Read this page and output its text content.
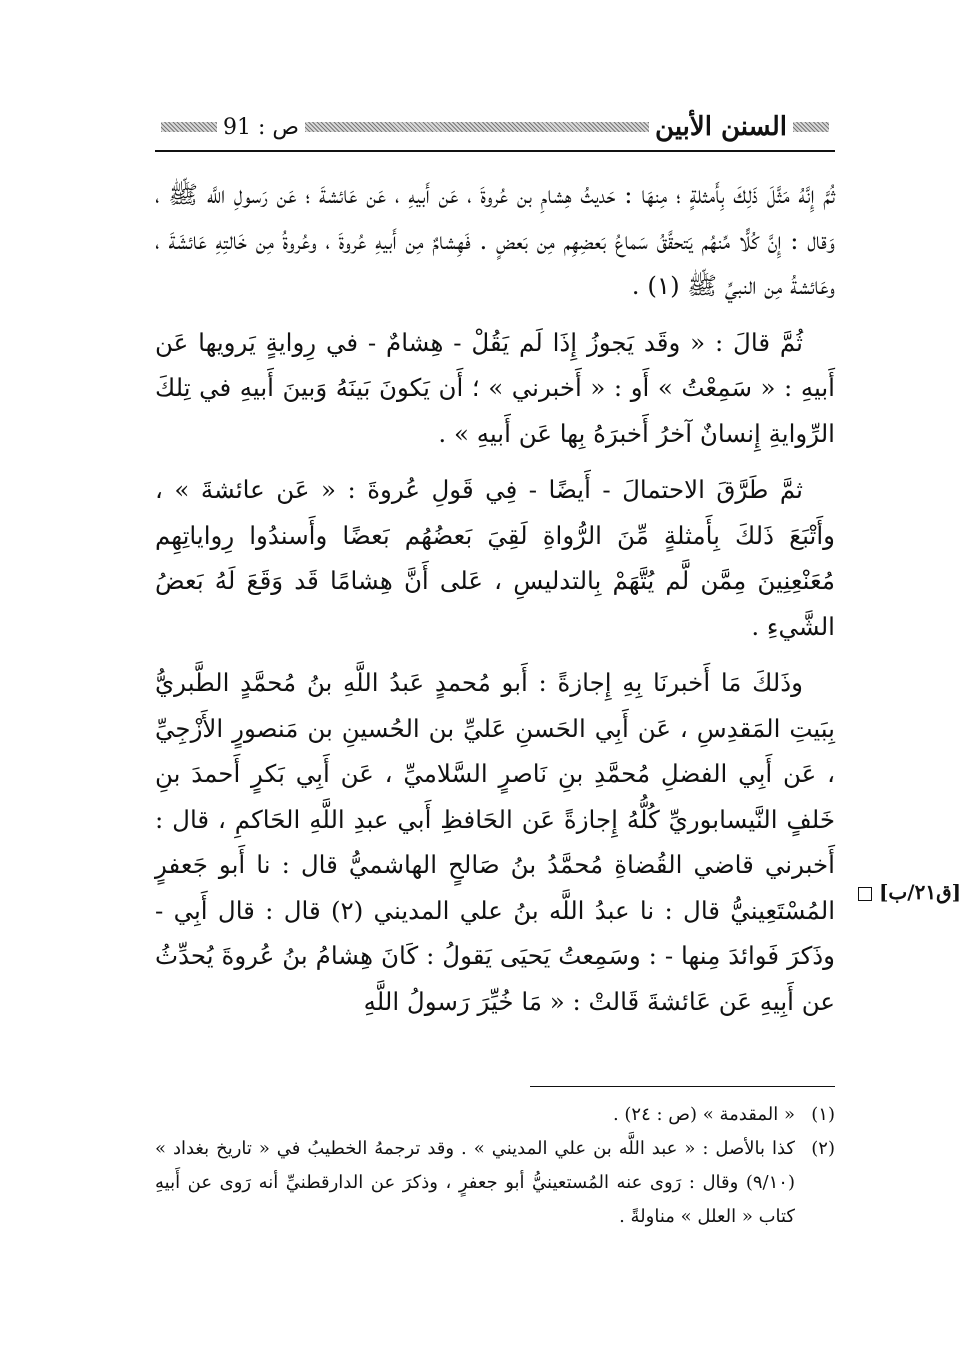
السنن الأبين
ص : 91

ثُمَّ إِنَّهُ مَثَّلَ ذَلِكَ بِأَمثلةٍ ؛ مِنهَا : حَديثُ هِشامِ بن عُروةَ ، عَن أَبيهِ ، عَن عَائشةَ ؛ عَن رَسولِ اللَّه ﷺ ، وَقال : إِنَّ كُلًّا مِّنهُم يَتحقَّقُ سَماعُ بَعضِهِم مِن بَعضٍ . فَهِشامٌ مِن أَبيهِ عُروةَ ، وعُروةُ مِن خَالتِهِ عَائشَةَ ، وعَائشةُ مِن النبيِّ ﷺ (١) .

ثُمَّ قالَ : « وقَد يَجوزُ إِذَا لَم يَقُلْ - هِشامٌ - في رِوايةٍ يَرويها عَن أَبيهِ : « سَمِعْتُ » أَو : « أَخبرني » ؛ أَن يَكونَ بَينَهُ وَبينَ أَبيهِ في تِلكَ الرِّوايةِ إِنسانٌ آخرُ أَخبرَهُ بِها عَن أَبيهِ » .

ثمَّ طَرَّقَ الاحتمالَ - أَيضًا - فِي قَولِ عُروةَ : « عَن عائشةَ » ، وأَتْبَعَ ذَلكَ بِأَمثلةٍ مِّنَ الرُّواةِ لَقِيَ بَعضُهُم بَعضًا وأَسندُوا رِواياتِهِم مُعَنْعِنِينَ مِمَّن لَّم يُتَّهَمْ بِالتدليسِ ، عَلى أَنَّ هِشامًا قَد وَقَعَ لَهُ بَعضُ الشَّيءِ .

وذَلكَ مَا أَخبرنَا بِهِ إِجازةً : أَبو مُحمدٍ عَبدُ اللَّهِ بنُ مُحمَّدٍ الطَّبريُّ بِبَيتِ المَقدِسِ ، عَن أَبِي الحَسنِ عَليِّ بن الحُسينِ بن مَنصورٍ الأَزْجِيِّ ، عَن أَبِي الفضلِ مُحمَّدِ بنِ نَاصرٍ السَّلاميِّ ، عَن أَبِي بَكرٍ أَحمدَ بنِ خَلفٍ النَّيسابوريِّ كُلُّهُ إِجازةً عَن الحَافظِ أَبي عبدِ اللَّهِ الحَاكمِ ، قال : أَخبرني قاضي القُضاةِ مُحمَّدُ بنُ صَالحٍ الهاشميُّ قال : نا أَبو جَعفرٍ المُسْتَعِينيُّ قال : نا عبدُ اللَّه بنُ علي المديني (٢) قال : قال أَبِي - وذَكرَ فَوائدَ مِنها - : وسَمِعتُ يَحيَى يَقولُ : كَانَ هِشامُ بنُ عُروةَ يُحدِّثُ عن أَبِيهِ عَن عَائشةَ قَالتْ : « مَا خُيِّرَ رَسولُ اللَّهِ

[ق٢١/ب]

(١)
« المقدمة » (ص : ٢٤) .

(٢)
كذا بالأصل : « عبد اللَّه بن علي المديني » . وقد ترجمهُ الخطيبُ في « تاريخ بغداد » (٩/١٠) وقال : رَوى عنه المُستعينيُّ أبو جعفرٍ ، وذكرَ عن الدارقطنيِّ أنه رَوى عن أَبيهِ كتاب « العلل » مناولةً .
